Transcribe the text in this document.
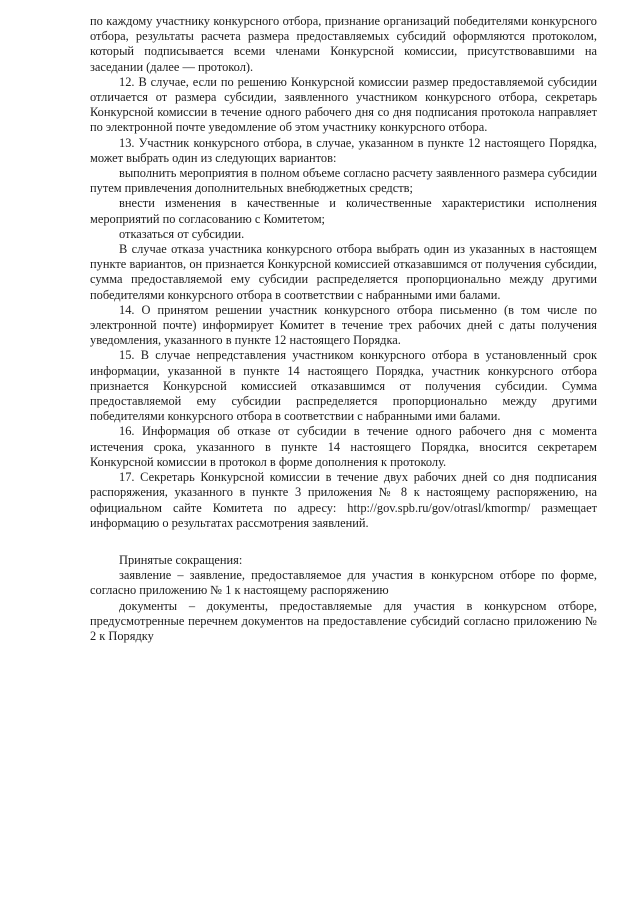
по каждому участнику конкурсного отбора, признание организаций победителями конкурсного отбора, результаты расчета размера предоставляемых субсидий оформляются протоколом, который подписывается всеми членами Конкурсной комиссии, присутствовавшими на заседании (далее — протокол).

12. В случае, если по решению Конкурсной комиссии размер предоставляемой субсидии отличается от размера субсидии, заявленного участником конкурсного отбора, секретарь Конкурсной комиссии в течение одного рабочего дня со дня подписания протокола направляет по электронной почте уведомление об этом участнику конкурсного отбора.

13. Участник конкурсного отбора, в случае, указанном в пункте 12 настоящего Порядка, может выбрать один из следующих вариантов:

выполнить мероприятия в полном объеме согласно расчету заявленного размера субсидии путем привлечения дополнительных внебюджетных средств;

внести изменения в качественные и количественные характеристики исполнения мероприятий по согласованию с Комитетом;

отказаться от субсидии.

В случае отказа участника конкурсного отбора выбрать один из указанных в настоящем пункте вариантов, он признается Конкурсной комиссией отказавшимся от получения субсидии, сумма предоставляемой ему субсидии распределяется пропорционально между другими победителями конкурсного отбора в соответствии с набранными ими балами.

14. О принятом решении участник конкурсного отбора письменно (в том числе по электронной почте) информирует Комитет в течение трех рабочих дней с даты получения уведомления, указанного в пункте 12 настоящего Порядка.

15. В случае непредставления участником конкурсного отбора в установленный срок информации, указанной в пункте 14 настоящего Порядка, участник конкурсного отбора признается Конкурсной комиссией отказавшимся от получения субсидии. Сумма предоставляемой ему субсидии распределяется пропорционально между другими победителями конкурсного отбора в соответствии с набранными ими балами.

16. Информация об отказе от субсидии в течение одного рабочего дня с момента истечения срока, указанного в пункте 14 настоящего Порядка, вносится секретарем Конкурсной комиссии в протокол в форме дополнения к протоколу.

17. Секретарь Конкурсной комиссии в течение двух рабочих дней со дня подписания распоряжения, указанного в пункте 3 приложения № 8 к настоящему распоряжению, на официальном сайте Комитета по адресу: http://gov.spb.ru/gov/otrasl/kmormp/ размещает информацию о результатах рассмотрения заявлений.

Принятые сокращения:

заявление – заявление, предоставляемое для участия в конкурсном отборе по форме, согласно приложению № 1 к настоящему распоряжению

документы – документы, предоставляемые для участия в конкурсном отборе, предусмотренные перечнем документов на предоставление субсидий согласно приложению № 2 к Порядку
